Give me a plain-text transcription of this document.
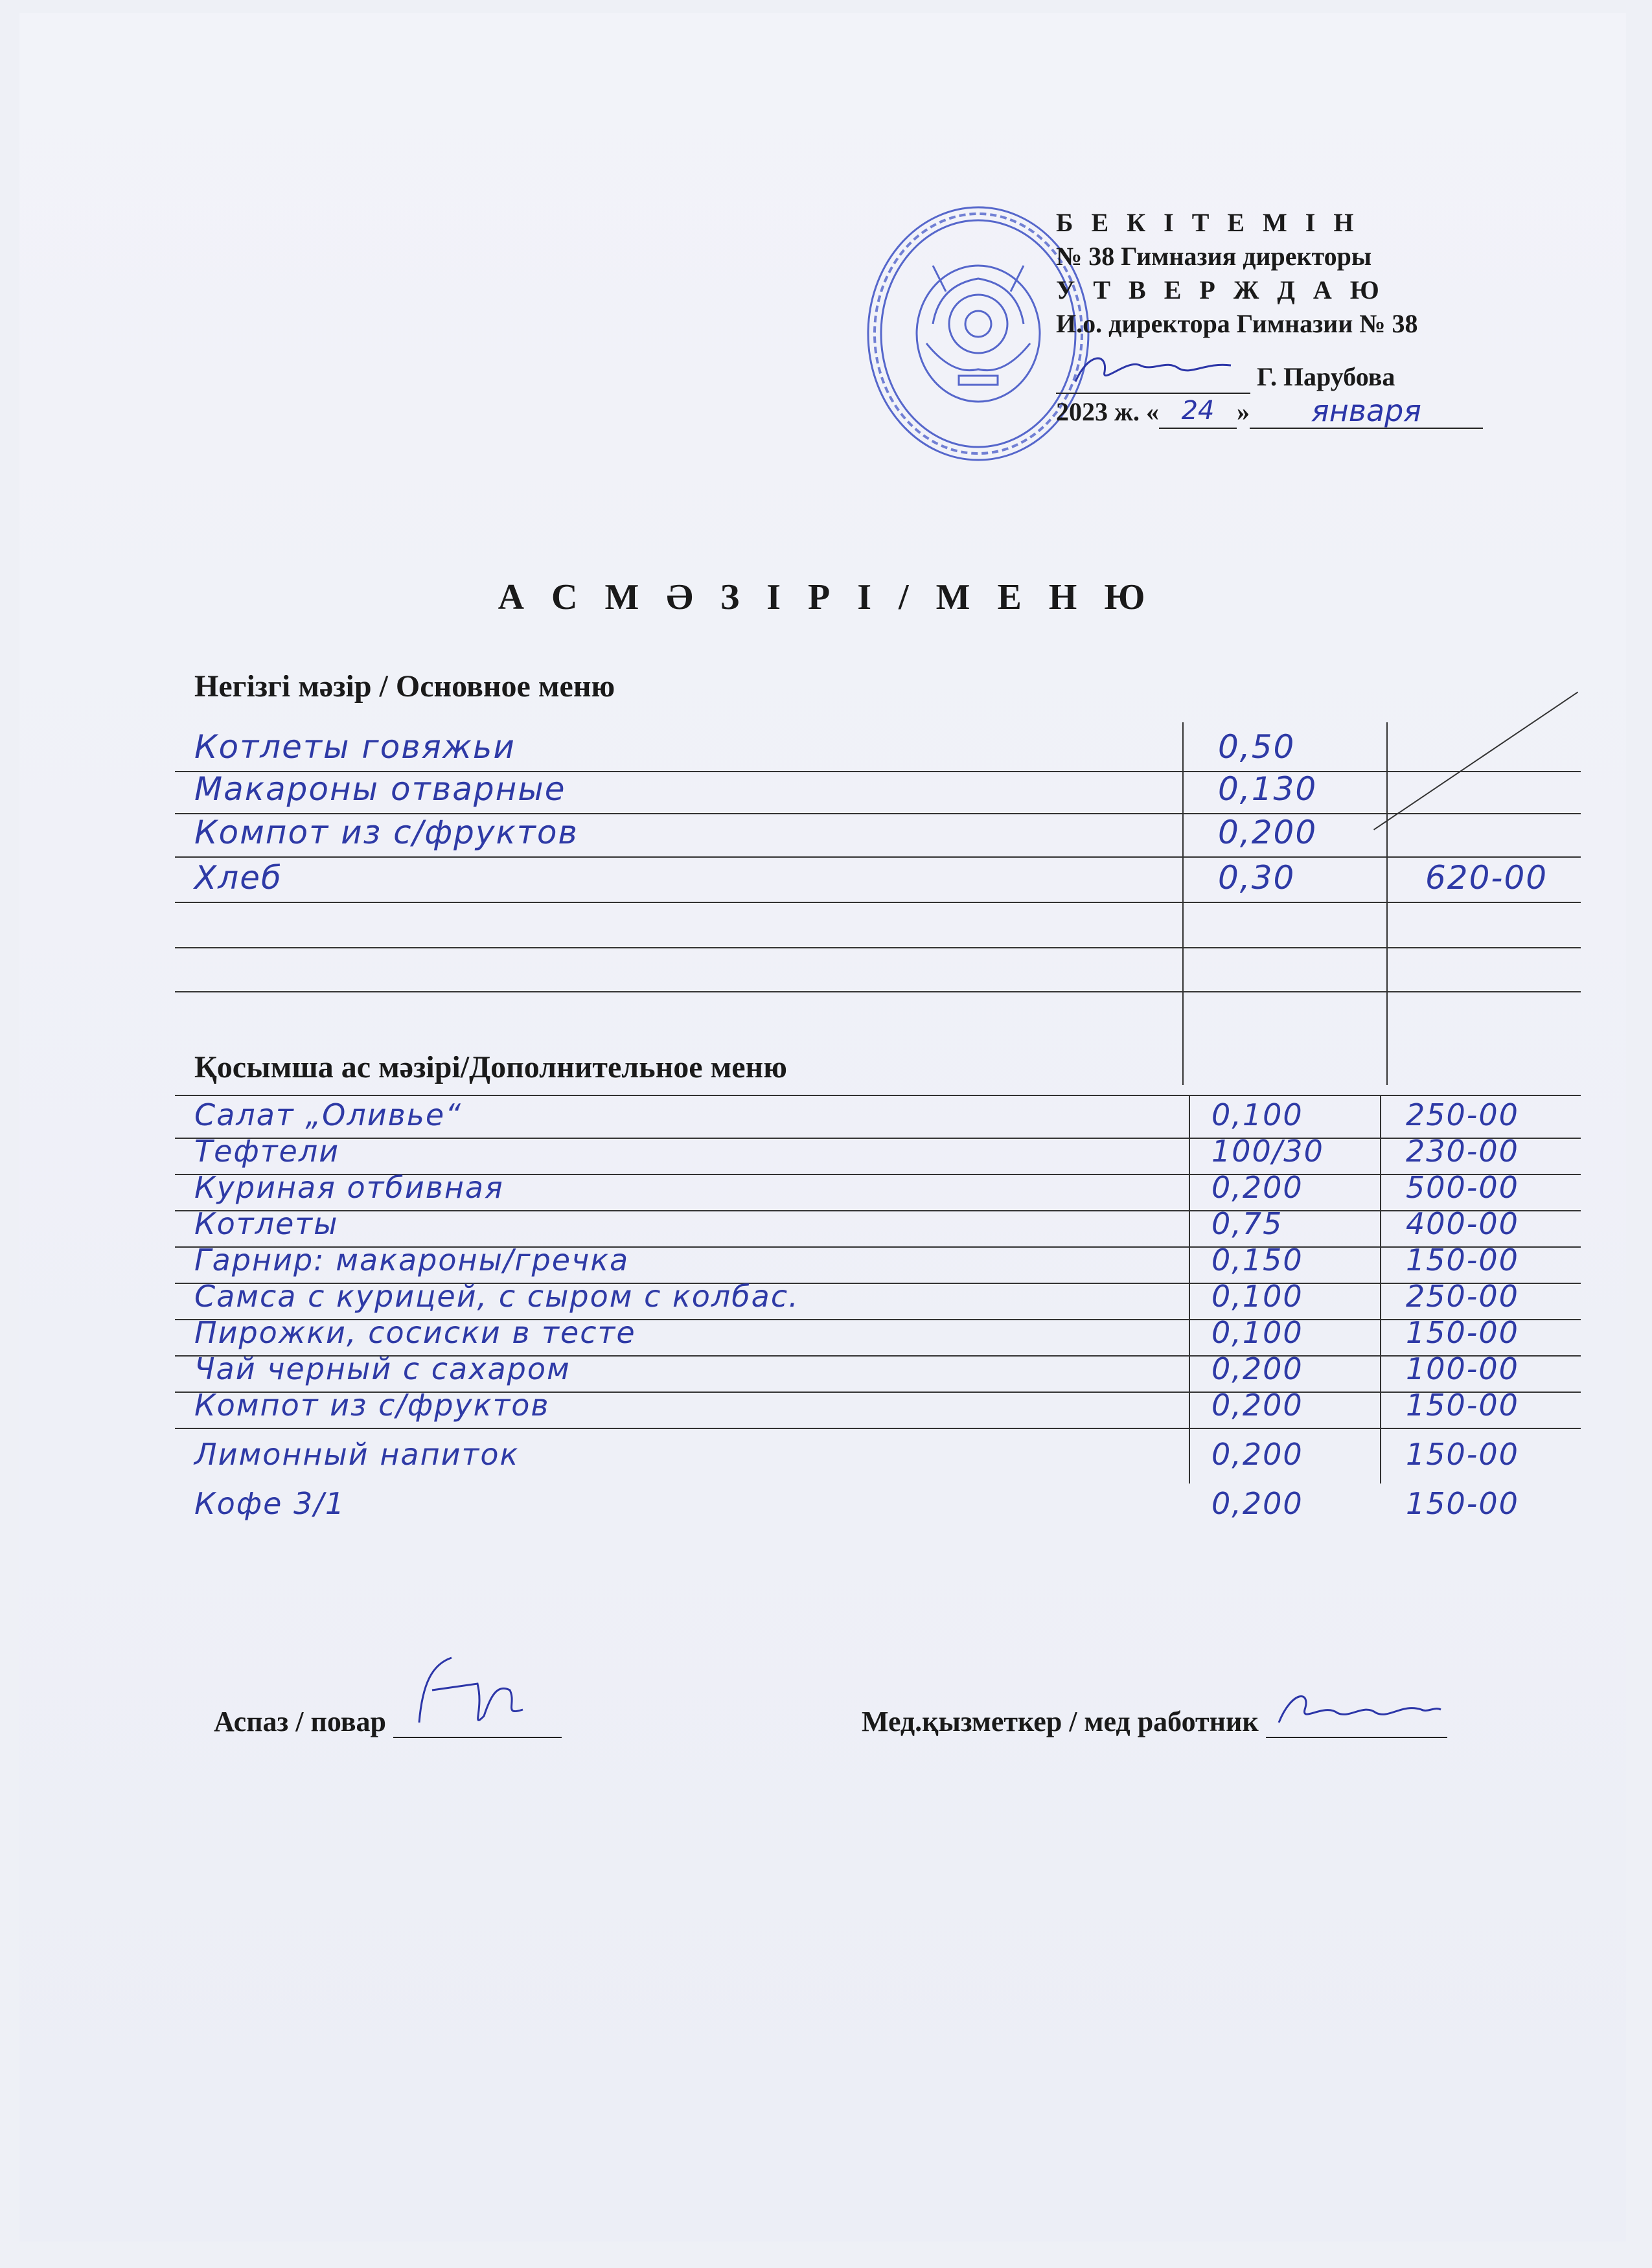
Б Е К І Т Е М І Н
№ 38 Гимназия директоры
У Т В Е Р Ж Д А Ю
И.о. директора Гимназии № 38
Г. Парубова
2023 ж. « 24 » января
А С М Ә З І Р І / М Е Н Ю
Негізгі мәзір / Основное меню
Қосымша ас мәзірі/Дополнительное меню
Аспаз / повар	Мед.қызметкер / мед работник
Котлеты говяжьи	0,50
Макароны отварные	0,130
Компот из с/фруктов	0,200
Хлеб	0,30	620-00
Салат „Оливье“	0,100	250-00
Тефтели	100/30	230-00
Куриная отбивная	0,200	500-00
Котлеты	0,75	400-00
Гарнир: макароны/гречка	0,150	150-00
Самса с курицей, с сыром с колбас.	0,100	250-00
Пирожки, сосиски в тесте	0,100	150-00
Чай черный с сахаром	0,200	100-00
Компот из с/фруктов	0,200	150-00
Лимонный напиток	0,200	150-00
Кофе 3/1	0,200	150-00
